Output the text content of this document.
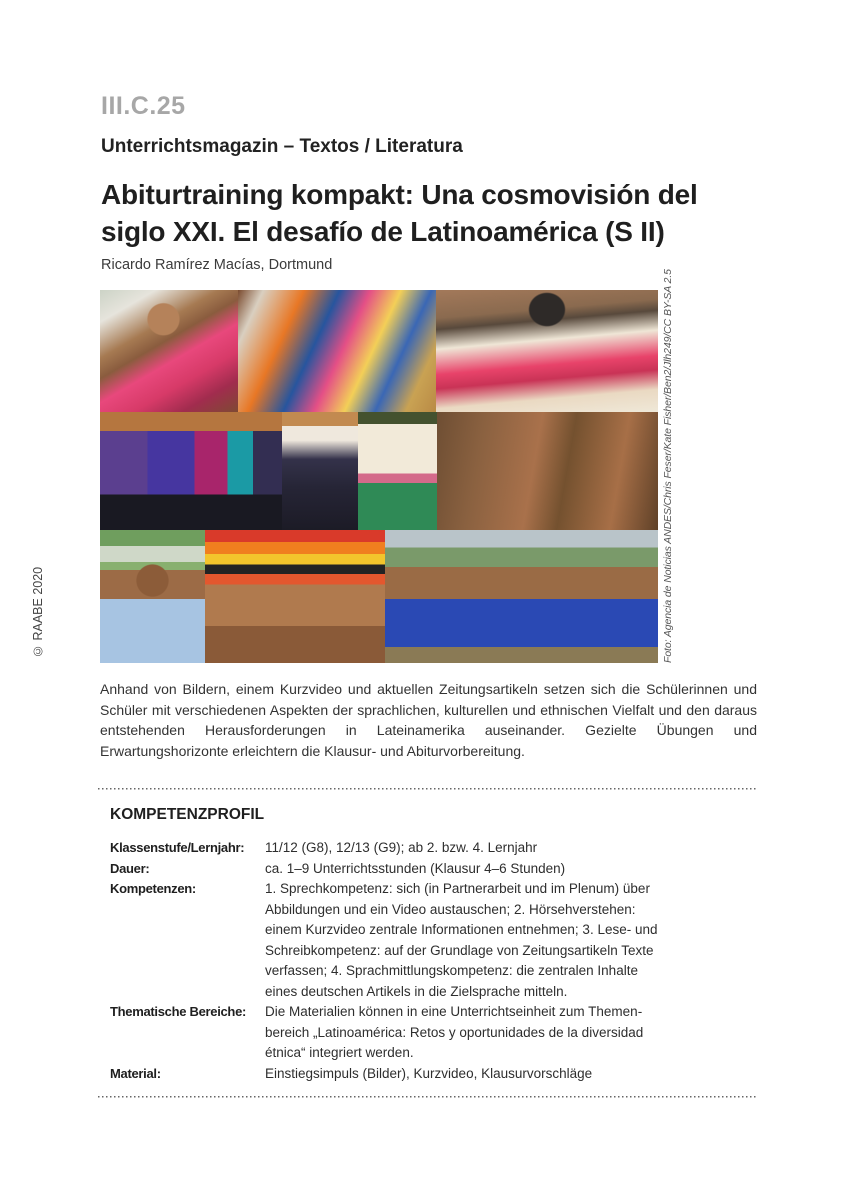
III.C.25
Unterrichtsmagazin – Textos / Literatura
Abiturtraining kompakt: Una cosmovisión del
siglo XXI. El desafío de Latinoamérica (S II)
Ricardo Ramírez Macías, Dortmund
Foto: Agencia de Noticias ANDES/Chris Feser/Kate Fisher/Ben2/Jlh249/CC BY-SA 2.5
© RAABE 2020
Anhand von Bildern, einem Kurzvideo und aktuellen Zeitungsartikeln setzen sich die Schülerinnen und Schüler mit verschiedenen Aspekten der sprachlichen, kulturellen und ethnischen Vielfalt und den daraus entstehenden Herausforderungen in Lateinamerika auseinander. Gezielte Übungen und Erwartungshorizonte erleichtern die Klausur- und Abiturvorbereitung.
KOMPETENZPROFIL
Klassenstufe/Lernjahr:	11/12 (G8), 12/13 (G9); ab 2. bzw. 4. Lernjahr
Dauer:	ca. 1–9 Unterrichtsstunden (Klausur 4–6 Stunden)
Kompetenzen:	1. Sprechkompetenz: sich (in Partnerarbeit und im Plenum) über
Abbildungen und ein Video austauschen; 2. Hörsehverstehen:
einem Kurzvideo zentrale Informationen entnehmen; 3. Lese- und
Schreibkompetenz: auf der Grundlage von Zeitungsartikeln Texte
verfassen; 4. Sprachmittlungskompetenz: die zentralen Inhalte
eines deutschen Artikels in die Zielsprache mitteln.
Thematische Bereiche:	Die Materialien können in eine Unterrichtseinheit zum Themen-
bereich „Latinoamérica: Retos y oportunidades de la diversidad
étnica“ integriert werden.
Material:	Einstiegsimpuls (Bilder), Kurzvideo, Klausurvorschläge
